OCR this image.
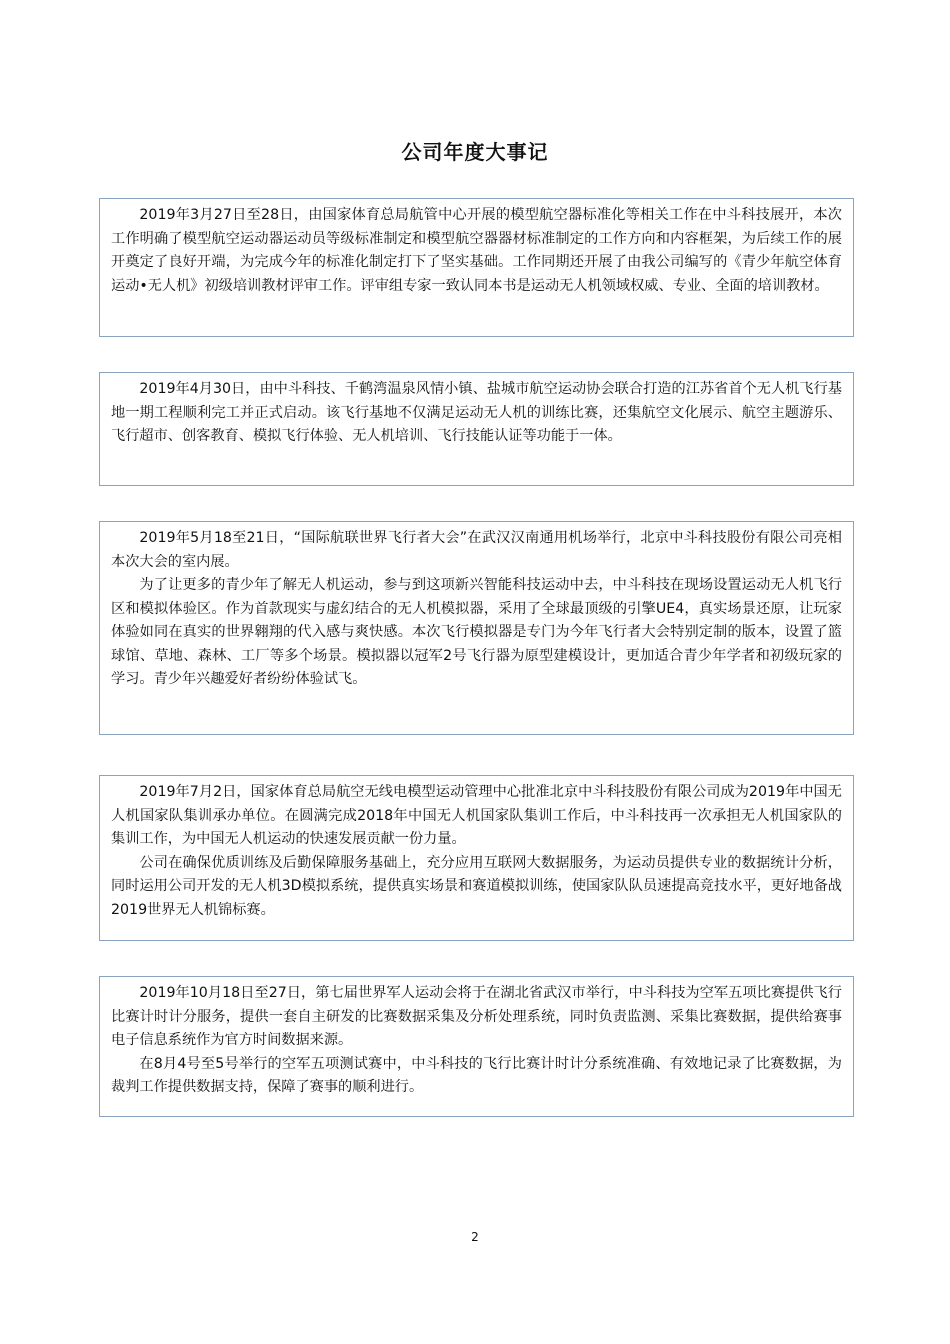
公司年度大事记

2019年3月27日至28日，由国家体育总局航管中心开展的模型航空器标准化等相关工作在中斗科技展开，本次工作明确了模型航空运动器运动员等级标准制定和模型航空器器材标准制定的工作方向和内容框架，为后续工作的展开奠定了良好开端，为完成今年的标准化制定打下了坚实基础。工作同期还开展了由我公司编写的《青少年航空体育运动•无人机》初级培训教材评审工作。评审组专家一致认同本书是运动无人机领域权威、专业、全面的培训教材。

2019年4月30日，由中斗科技、千鹤湾温泉风情小镇、盐城市航空运动协会联合打造的江苏省首个无人机飞行基地一期工程顺利完工并正式启动。该飞行基地不仅满足运动无人机的训练比赛，还集航空文化展示、航空主题游乐、飞行超市、创客教育、模拟飞行体验、无人机培训、飞行技能认证等功能于一体。

2019年5月18至21日，“国际航联世界飞行者大会”在武汉汉南通用机场举行，北京中斗科技股份有限公司亮相本次大会的室内展。

为了让更多的青少年了解无人机运动，参与到这项新兴智能科技运动中去，中斗科技在现场设置运动无人机飞行区和模拟体验区。作为首款现实与虚幻结合的无人机模拟器，采用了全球最顶级的引擎UE4，真实场景还原，让玩家体验如同在真实的世界翱翔的代入感与爽快感。本次飞行模拟器是专门为今年飞行者大会特别定制的版本，设置了篮球馆、草地、森林、工厂等多个场景。模拟器以冠军2号飞行器为原型建模设计，更加适合青少年学者和初级玩家的学习。青少年兴趣爱好者纷纷体验试飞。

2019年7月2日，国家体育总局航空无线电模型运动管理中心批准北京中斗科技股份有限公司成为2019年中国无人机国家队集训承办单位。在圆满完成2018年中国无人机国家队集训工作后，中斗科技再一次承担无人机国家队的集训工作，为中国无人机运动的快速发展贡献一份力量。

公司在确保优质训练及后勤保障服务基础上，充分应用互联网大数据服务，为运动员提供专业的数据统计分析，同时运用公司开发的无人机3D模拟系统，提供真实场景和赛道模拟训练，使国家队队员速提高竞技水平，更好地备战2019世界无人机锦标赛。

2019年10月18日至27日，第七届世界军人运动会将于在湖北省武汉市举行，中斗科技为空军五项比赛提供飞行比赛计时计分服务，提供一套自主研发的比赛数据采集及分析处理系统，同时负责监测、采集比赛数据，提供给赛事电子信息系统作为官方时间数据来源。

在8月4号至5号举行的空军五项测试赛中，中斗科技的飞行比赛计时计分系统准确、有效地记录了比赛数据，为裁判工作提供数据支持，保障了赛事的顺利进行。

2
